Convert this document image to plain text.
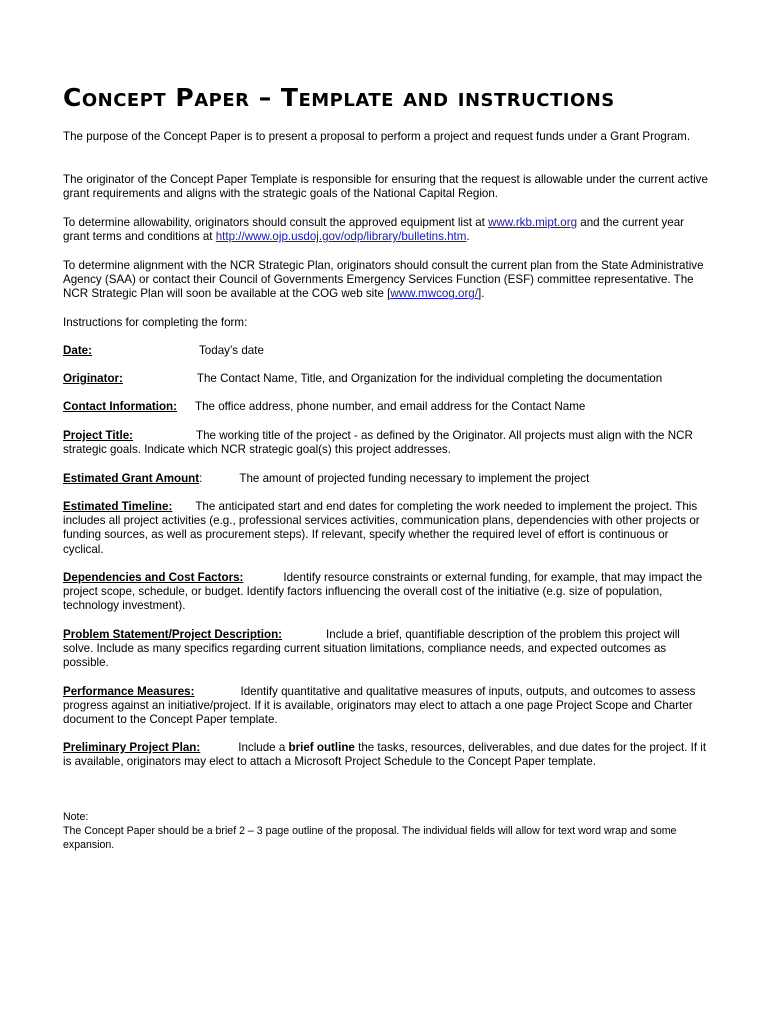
Concept Paper – Template and instructions

The purpose of the Concept Paper is to present a proposal to perform a project and request funds under a Grant Program.

The originator of the Concept Paper Template is responsible for ensuring that the request is allowable under the current active grant requirements and aligns with the strategic goals of the National Capital Region.

To determine allowability, originators should consult the approved equipment list at www.rkb.mipt.org and the current year grant terms and conditions at http://www.ojp.usdoj.gov/odp/library/bulletins.htm.

To determine alignment with the NCR Strategic Plan, originators should consult the current plan from the State Administrative Agency (SAA) or contact their Council of Governments Emergency Services Function (ESF) committee representative. The NCR Strategic Plan will soon be available at the COG web site [www.mwcog.org/].

Instructions for completing the form:

Date:	Today’s date

Originator:	The Contact Name, Title, and Organization for the individual completing the documentation

Contact Information: The office address, phone number, and email address for the Contact Name

Project Title:	The working title of the project - as defined by the Originator. All projects must align with the NCR strategic goals. Indicate which NCR strategic goal(s) this project addresses.

Estimated Grant Amount:	The amount of projected funding necessary to implement the project

Estimated Timeline: The anticipated start and end dates for completing the work needed to implement the project. This includes all project activities (e.g., professional services activities, communication plans, dependencies with other projects or funding sources, as well as procurement steps). If relevant, specify whether the required level of effort is continuous or cyclical.

Dependencies and Cost Factors:	Identify resource constraints or external funding, for example, that may impact the project scope, schedule, or budget. Identify factors influencing the overall cost of the initiative (e.g. size of population, technology investment).

Problem Statement/Project Description:	Include a brief, quantifiable description of the problem this project will solve. Include as many specifics regarding current situation limitations, compliance needs, and expected outcomes as possible.

Performance Measures:	Identify quantitative and qualitative measures of inputs, outputs, and outcomes to assess progress against an initiative/project. If it is available, originators may elect to attach a one page Project Scope and Charter document to the Concept Paper template.

Preliminary Project Plan:	Include a brief outline the tasks, resources, deliverables, and due dates for the project. If it is available, originators may elect to attach a Microsoft Project Schedule to the Concept Paper template.

Note:

The Concept Paper should be a brief 2 – 3 page outline of the proposal. The individual fields will allow for text word wrap and some expansion.
